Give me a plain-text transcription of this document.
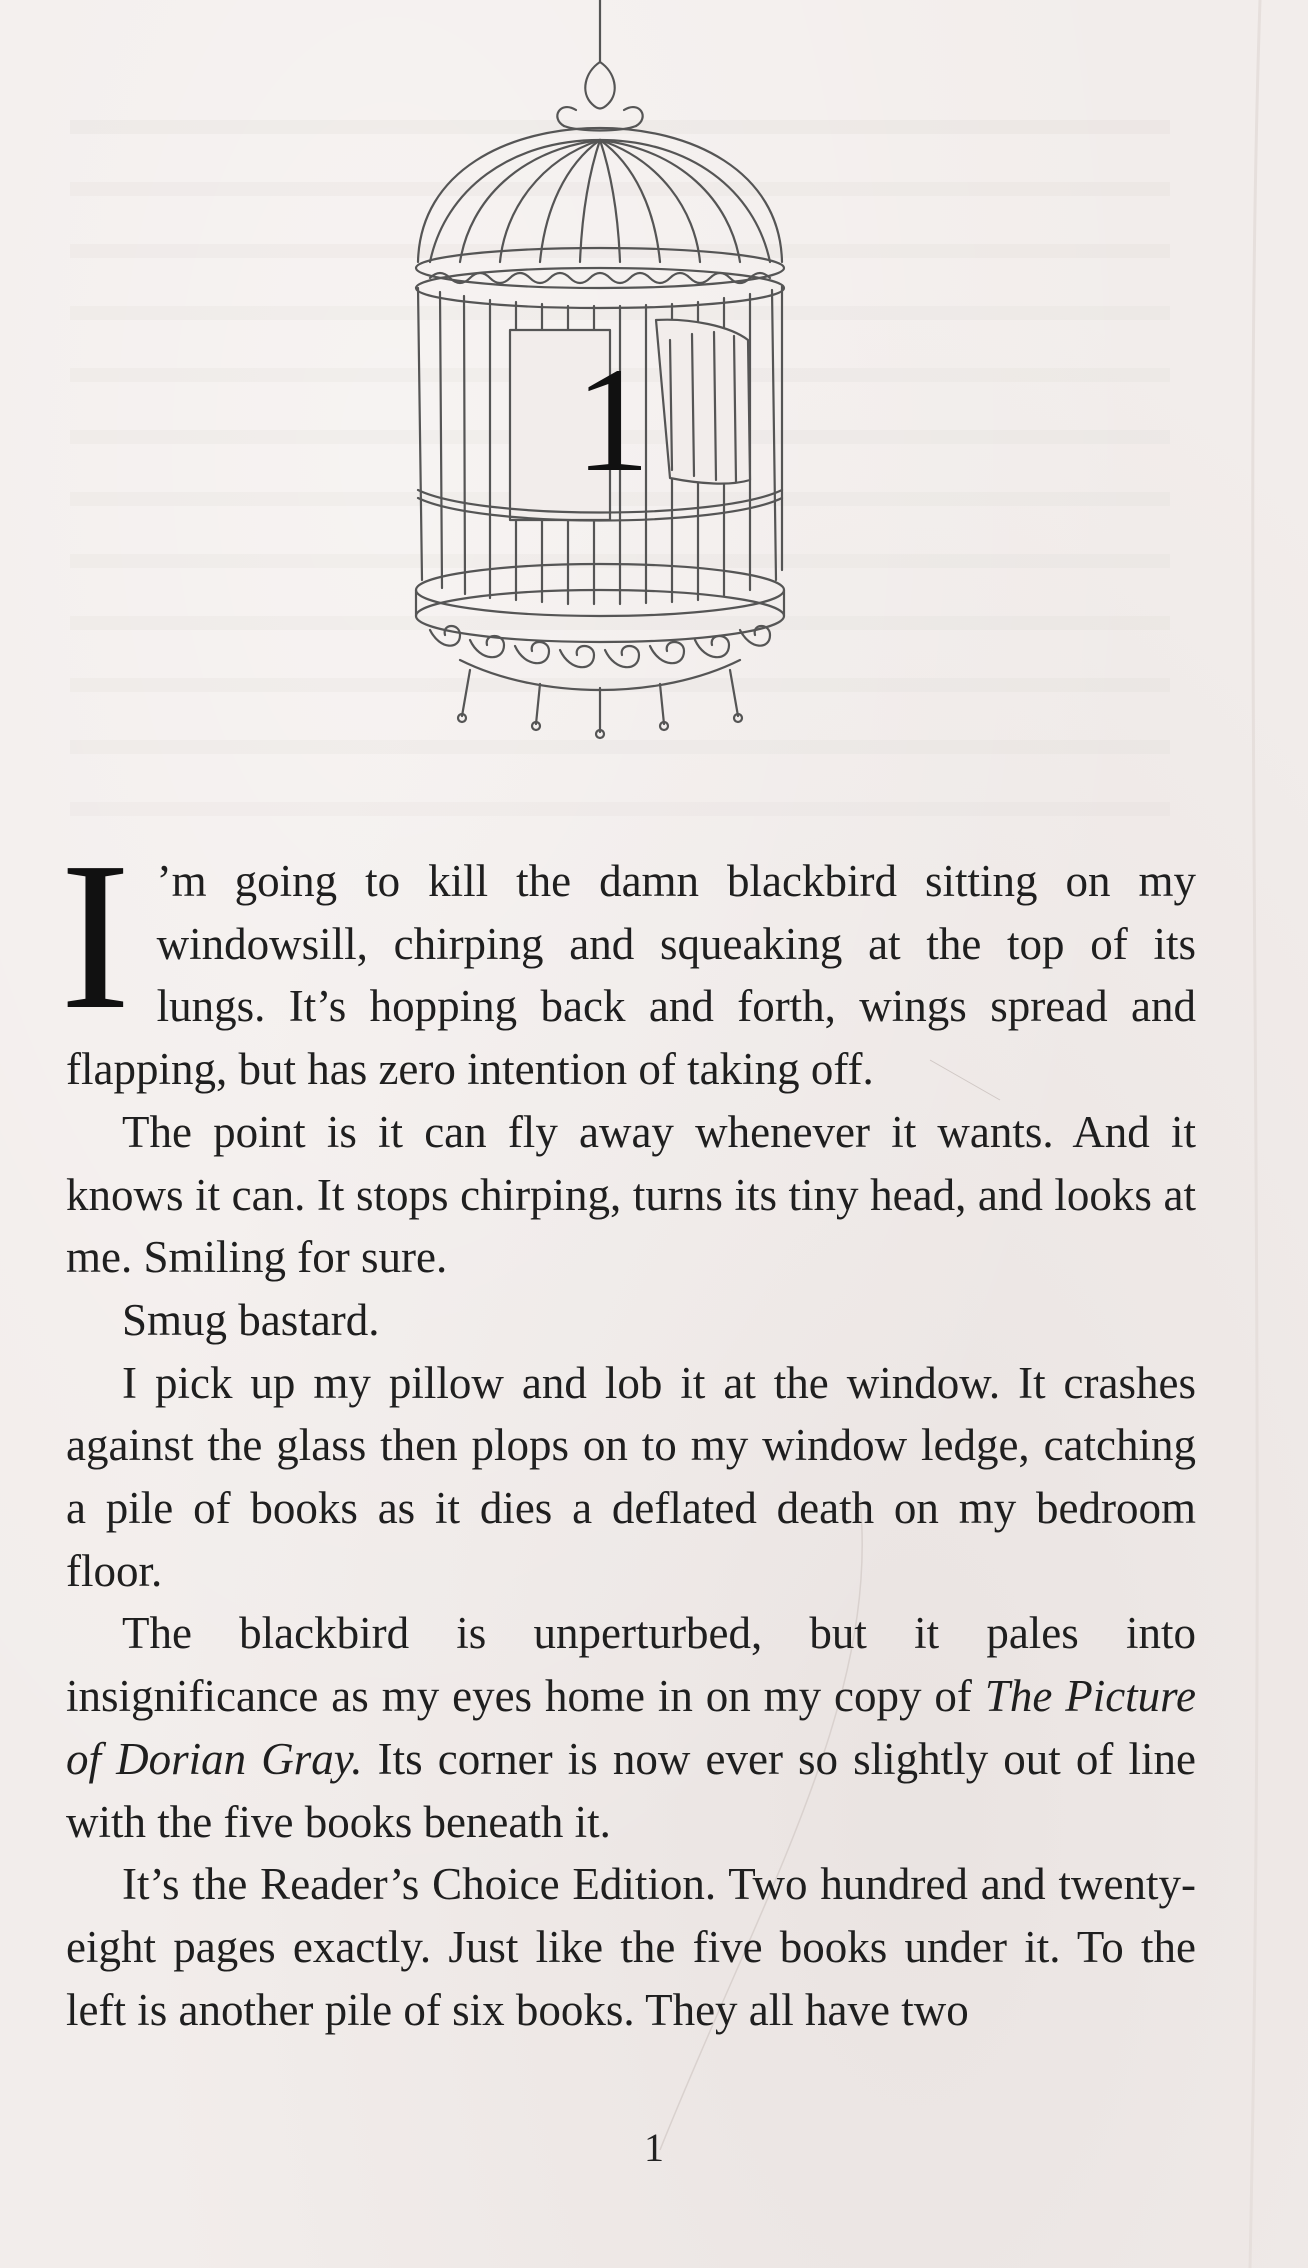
1

I ’m going to kill the damn blackbird sitting on my windowsill, chirping and squeaking at the top of its lungs. It’s hopping back and forth, wings spread and flapping, but has zero intention of taking off.

The point is it can fly away whenever it wants. And it knows it can. It stops chirping, turns its tiny head, and looks at me. Smiling for sure.

Smug bastard.

I pick up my pillow and lob it at the window. It crashes against the glass then plops on to my window ledge, catching a pile of books as it dies a deflated death on my bedroom floor.

The blackbird is unperturbed, but it pales into insignificance as my eyes home in on my copy of The Picture of Dorian Gray. Its corner is now ever so slightly out of line with the five books beneath it.

It’s the Reader’s Choice Edition. Two hundred and twenty-eight pages exactly. Just like the five books under it. To the left is another pile of six books. They all have two

1
